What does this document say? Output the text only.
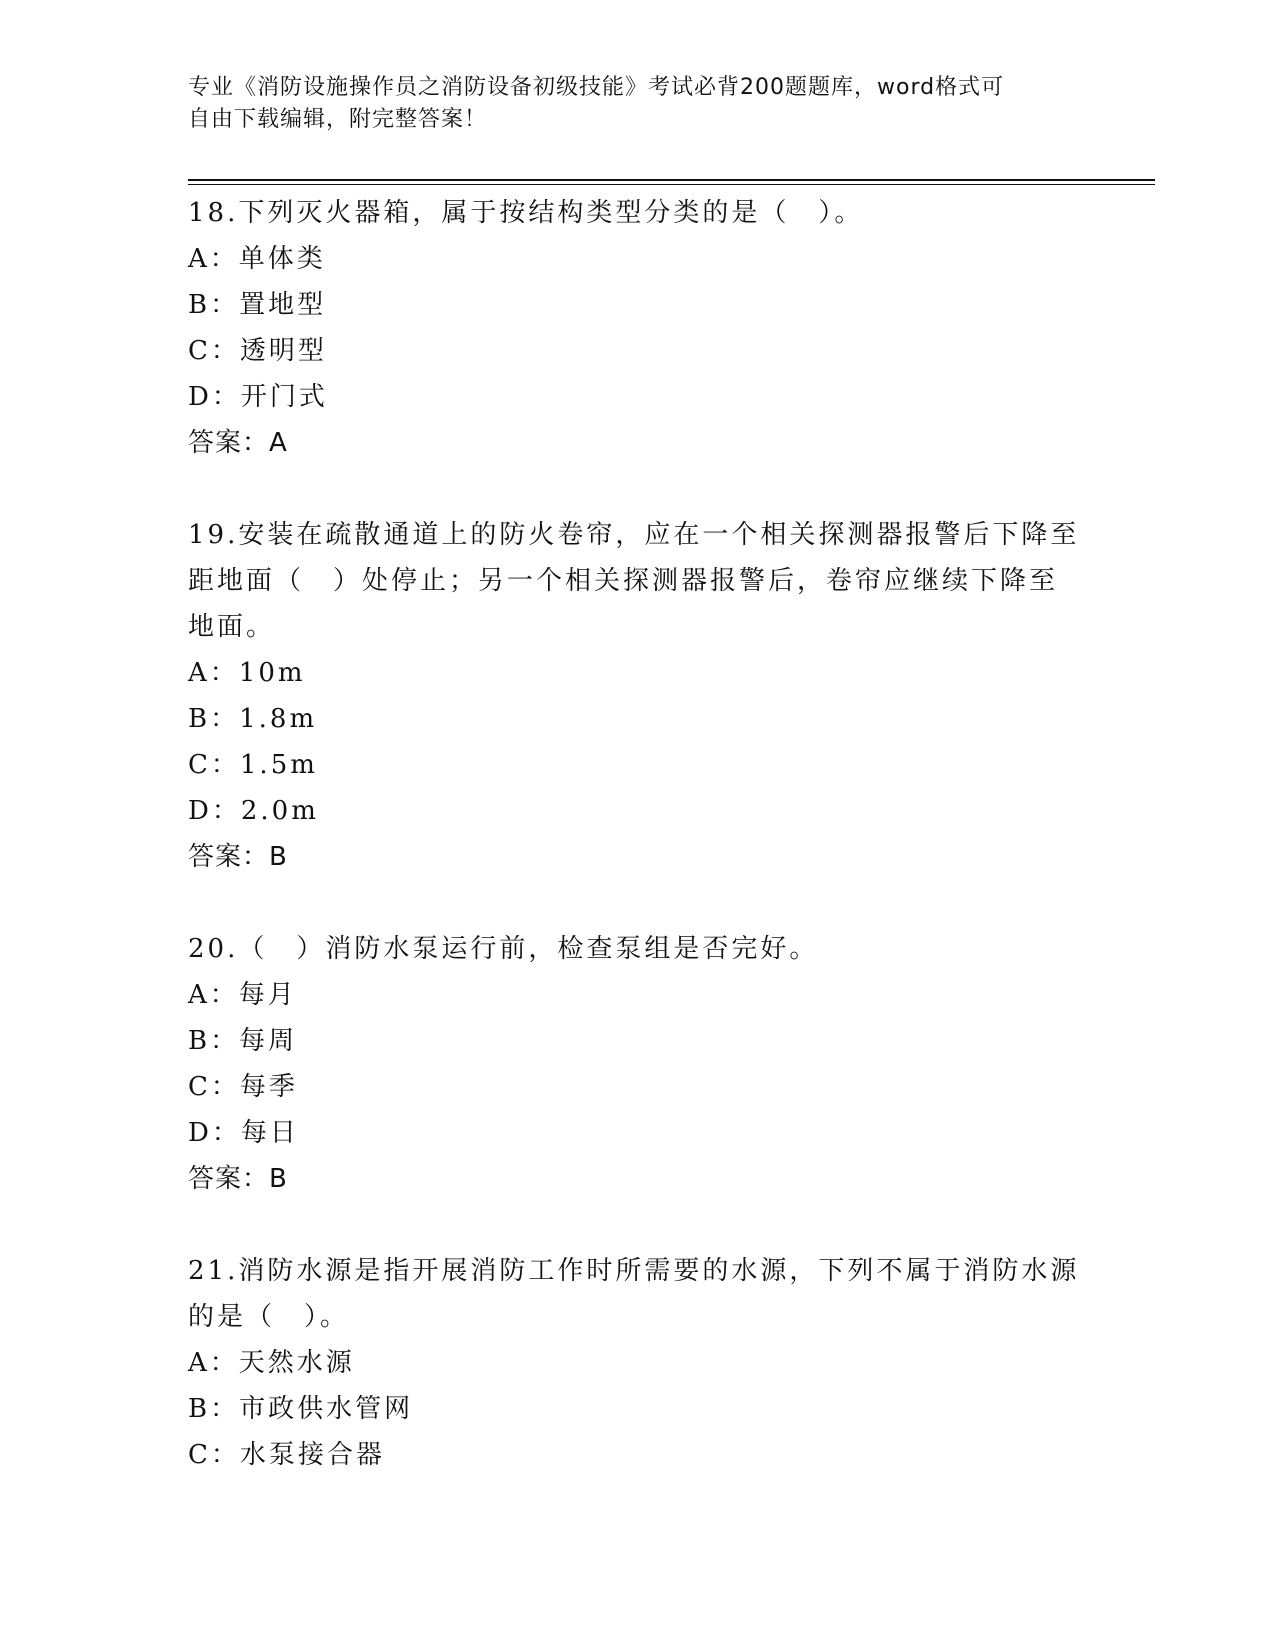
专业《消防设施操作员之消防设备初级技能》考试必背200题题库，word格式可
自由下载编辑，附完整答案！
18.下列灭火器箱，属于按结构类型分类的是（　）。
A：单体类
B：置地型
C：透明型
D：开门式
答案：A
19.安装在疏散通道上的防火卷帘，应在一个相关探测器报警后下降至
距地面（　）处停止；另一个相关探测器报警后，卷帘应继续下降至
地面。
A：10m
B：1.8m
C：1.5m
D：2.0m
答案：B
20.（　）消防水泵运行前，检查泵组是否完好。
A：每月
B：每周
C：每季
D：每日
答案：B
21.消防水源是指开展消防工作时所需要的水源，下列不属于消防水源
的是（　）。
A：天然水源
B：市政供水管网
C：水泵接合器
